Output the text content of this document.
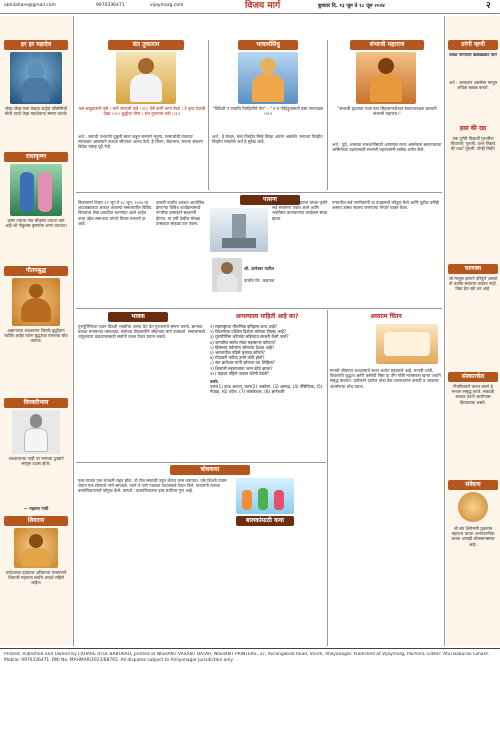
abhilahare@gmail.com	9970336471	vijaymarg.com	विजय मार्ग	बुधवार दि. १३ जून ते १८ जून २०२४	२
हर हर महादेव
जेव्हा जेव्हा मला माझ्या कर्तृत्व परिसीमेची भीती वाटते तेव्हा महादेवाचा स्मरण करतो।
राधाकृष्ण
कृष्ण ज्याचा नाव श्रीकृष्ण ज्याचा धाम आहे श्री गोकुलम कृष्णाचा शरण करतात।
गौतमबुद्ध
अज्ञानाच्या अंधकारात जितके बुद्धीवान व्यक्ति आहेत त्यांना बुद्धाच्या वचनाचा बोध करावा।
विरक्तीभाव
अंधकाराच्या नाही तर मनाच्या दुःखाने माणूस उदास होतो।
— महात्मा गांधी
शिवराय
परदेशाच्या हृदयावर अधिराज्य गाजवणारे शिवाजी महाराज सर्वांचे आदर्श राहिले आहेत।
संत तुकाराम
कष्ट सखुपासनी दंडी । मनी जणाजी पाहे ।।१।। तैसे कर्मी भाग्य मिळे । ते कृपा देवाची देखा ।।२।। बुद्धीचा योग्य । संत तुकाराम करी ।।३।।
अर्थ : जगाची उभारणी चुकूनी स्वतः कडून करणारे मनुष्य, परमार्थाची पायवाट सांभाळत असल्याने त्याच्या जीवनात आनंद येतो. हे चिंतन, सेवाभाव, मनाचा संकल्प विवेक यांसह पुढे नेतो.
भावार्थसिंधु
"विदिशी न पापाचि विरहिणीचे पेम" । " न त नेवेदेहूजमाती हस्त नमजाळत ।।२।।
अर्थ : हे केवल, मला विरहीत मिन्हे विरहा अंतरंग अडलेले. मनाच्या विरहीत विरहीत मांडलेले अर्थ हे सुरेख आहे.
संभाजी महाराज
"संभाजी हृदयाचा राजा वाघ सिंहासनाधीश्वर स्वराज्यरक्षक छत्रपती संभाजी महाराज।"
अर्थ : पुढे, आमच्या राजधानींसाठी आपणास मान्य असलेल्या स्वराज्याच्या अस्मितेच्या रक्षणासाठी संभाजी महाराजांनी सर्वस्व अर्पण केले.
पासना
विजयमार्ग विचार ११ जून ते १८ जून, २०२४ या आठवड्याच्या अंकात आपल्या समाजातील विविध विषयांवर लेख प्रकाशित करण्यात आले आहेत. याचा उद्देश समाजात चांगले विचार रुजवणे हा आहे.
दरवर्षी पाचोरा शहरात आयोजित होणाऱ्या विविध कार्यक्रमांमध्ये नागरिक उत्साहाने सहभागी होतात. या वर्षी देखील मोठ्या उत्साहात सोहळा पार पडला.
श्री संत गजानन महाराज यांच्या कृपेने सर्व भक्तगण एकत्र आले आणि भक्तीमय वातावरणात कार्यक्रम संपन्न झाला.
नगरातील सर्व नागरिकांनी या उपक्रमाचे कौतुक केले आणि पुढील वर्षीही असाच उत्सव साजरा करण्याचा निर्धार व्यक्त केला.
श्री. ज्ञानेश्वर पाटील
पाचोरा जि. जळगाव
भावक
गुरुपूर्णिमेच्या पावन दिवशी भक्तीचा आनंद घेत घेत गुरुजनांचे स्मरण करावे. ज्ञानाचा प्रकाश मनामनात पसरवावा. संतांच्या शिकवणीने जीवनाचा मार्ग उजळतो. समाजामध्ये चांगुलपणा वाढवण्यासाठी सर्वांनी एकत्र येऊन प्रयत्न करावे.
आपल्याला माहिती आहे का?
१) महाराष्ट्राचा पौराणिक इतिहास काय आहे?
२) विदर्भाच्या पश्चिम दिशेला कोणता जिल्हा आहे?
३) गुरुपौर्णिमा कोणत्या महिन्यात साजरी केली जाते?
४) जगातील सर्वात मोठा महासागर कोणता?
५) हिमालय पर्वतरांग कोणत्या देशात आहे?
६) भारतातील पहिले वृत्तपत्र कोणते?
७) गोदावरी नदीचा उगम कोठे होतो?
८) संत ज्ञानेश्वर यांनी कोणता ग्रंथ लिहिला?
९) शिवाजी महाराजांचा जन्म कोठे झाला?
१०) चंद्रावर पहिले पाऊल कोणी ठेवले?
उत्तरे:
उत्तर(1) दाऊ अवाण, उत्तर(2) अकोला, (3) आषाढ, (4) पॅसिफिक, (5) नेपाळ, (6) दर्पण, (7) त्र्यंबकेश्वर, (8) ज्ञानेश्वरी
अध्यात्म चिंतन
मानवी जीवनात अध्यात्माचे स्थान अत्यंत महत्त्वाचे आहे. मनाची शांती, विचारांची शुद्धता आणि कर्माची निष्ठा या तीन गोष्टी माणसाला खऱ्या अर्थाने समृद्ध करतात. प्रत्येकाने दररोज थोडा वेळ ध्यानधारणा करावी व आपल्या अंतर्मनाचा शोध घ्यावा.
बोधकथा
बालकांसाठी कथा
एका गावात एक शेतकरी राहत होता. तो रोज सकाळी उठून शेतात काम करायचा. एके दिवशी त्याला शेतात एक सोन्याचे नाणे सापडले. त्याने ते नाणे गावच्या पाटलाकडे नेऊन दिले. पाटलांनी त्याच्या प्रामाणिकपणाचे कौतुक केले. तात्पर्य : प्रामाणिकपणा हाच सर्वोत्तम गुण आहे.
तरंगी म्हणी
उथळ पाण्याला खळखळाट फार
अर्थ : अल्पज्ञान असलेला माणूस अधिक बडबड करतो.
हसा की रडा
एक पुणेरी विद्यार्थी गुरुजींना विचारतो: गुरुजी, उत्तर लिहावं की प्रश्न? गुरुजी: दोन्ही लिही!
चाणक्य
जो माणूस ज्ञानाने परिपूर्ण असतो तो कधीच संकटात घाबरत नाही. विद्या हेच खरे धन आहे.
संस्कारवेल
नियमितपणे वाचन करणे हे मनाला समृद्ध करते. सकाळी लवकर उठणे आरोग्यास हितकारक असते.
संवेदना
श्री संत शिरोमणी तुकाराम महाराज यांच्या अभंगवाणीचा प्रभाव आजही लोकमानसावर आहे.
Printed, Published and Owned by LAHARE ATUL BABURAO, printed at NISHANT VASANT DATAR, NISHANT PRINTERS, 37, Aurangabad Road, Shirdi, Ahilyanagar. Published at Vijaymarg, Pachora. Editor: Atul Baburao Lahare. Mobile: 9970336471. RNI No. MAHMAR/2023/88765. All disputes subject to Ahilyanagar jurisdiction only.
